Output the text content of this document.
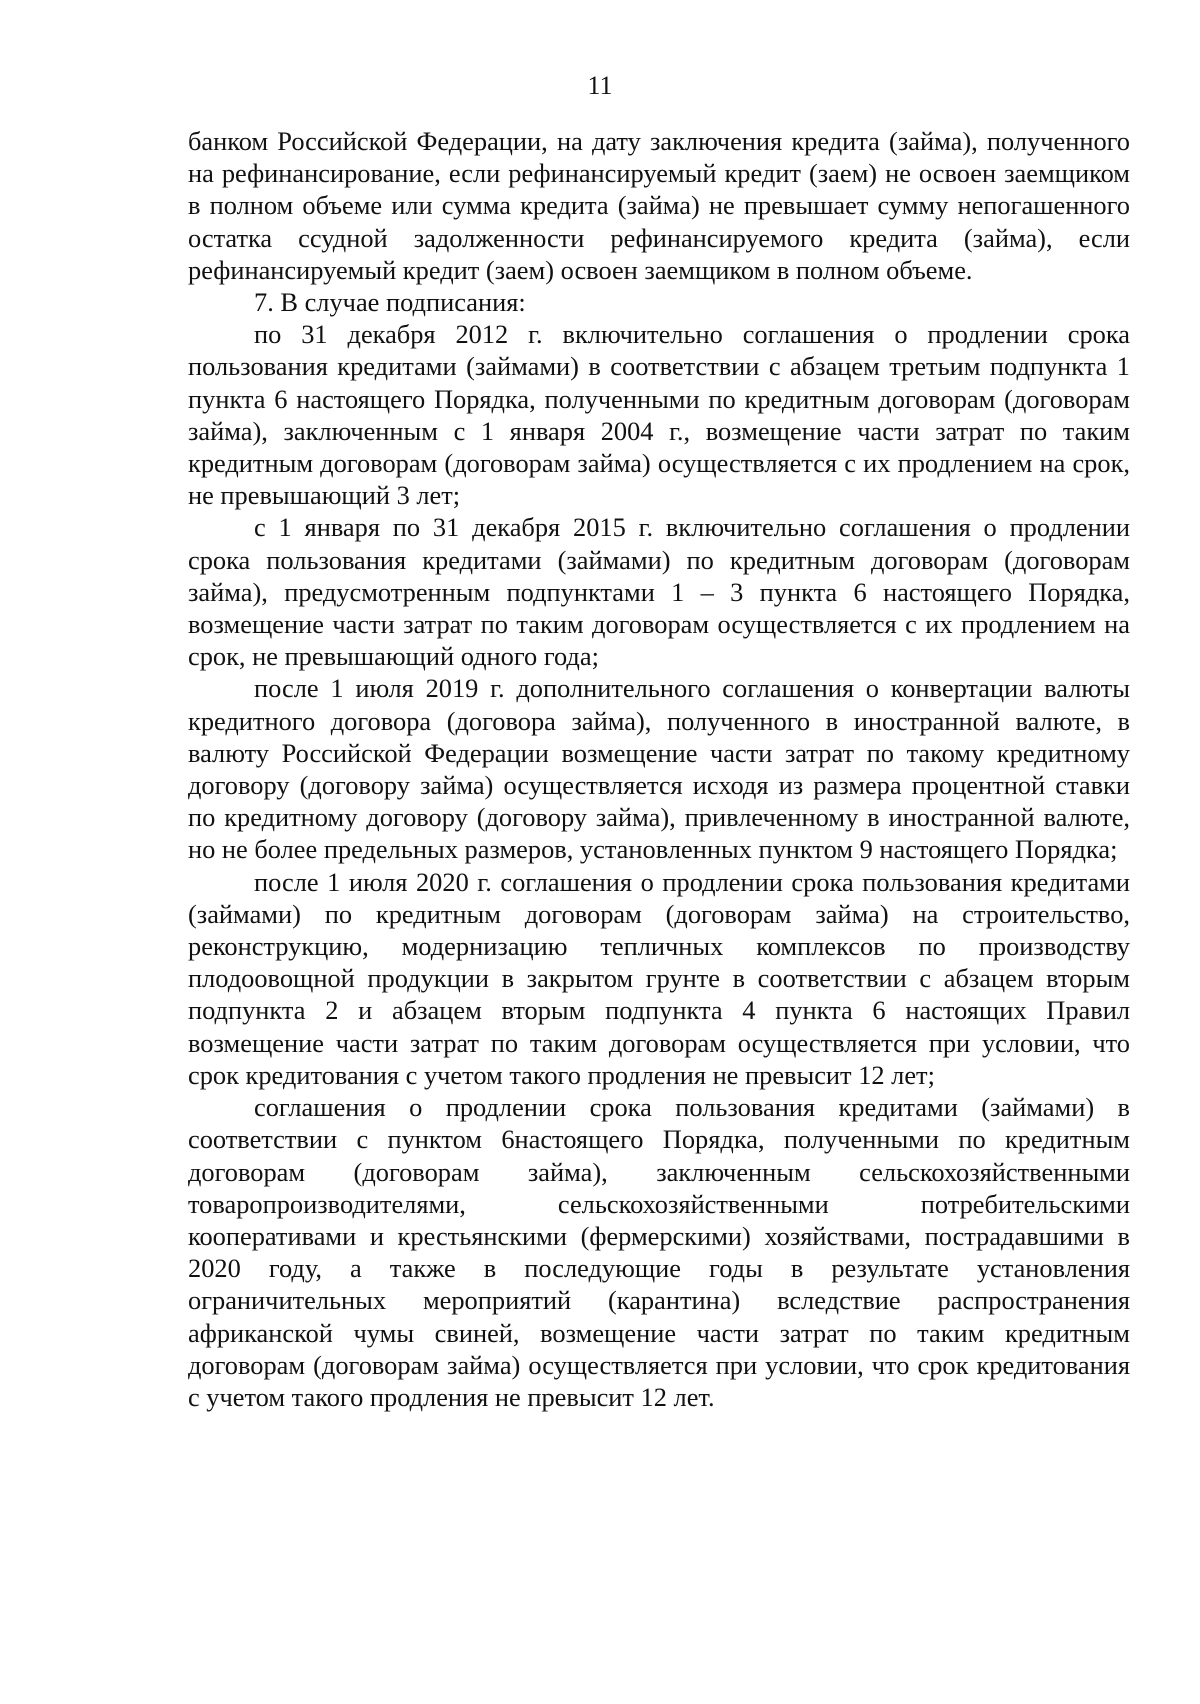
11

банком Российской Федерации, на дату заключения кредита (займа), полученного на рефинансирование, если рефинансируемый кредит (заем) не освоен заемщиком в полном объеме или сумма кредита (займа) не превышает сумму непогашенного остатка ссудной задолженности рефинансируемого кредита (займа), если рефинансируемый кредит (заем) освоен заемщиком в полном объеме.

7. В случае подписания:

по 31 декабря 2012 г. включительно соглашения о продлении срока пользования кредитами (займами) в соответствии с абзацем третьим подпункта 1 пункта 6 настоящего Порядка, полученными по кредитным договорам (договорам займа), заключенным с 1 января 2004 г., возмещение части затрат по таким кредитным договорам (договорам займа) осуществляется с их продлением на срок, не превышающий 3 лет;

с 1 января по 31 декабря 2015 г. включительно соглашения о продлении срока пользования кредитами (займами) по кредитным договорам (договорам займа), предусмотренным подпунктами 1 – 3 пункта 6 настоящего Порядка, возмещение части затрат по таким договорам осуществляется с их продлением на срок, не превышающий одного года;

после 1 июля 2019 г. дополнительного соглашения о конвертации валюты кредитного договора (договора займа), полученного в иностранной валюте, в валюту Российской Федерации возмещение части затрат по такому кредитному договору (договору займа) осуществляется исходя из размера процентной ставки по кредитному договору (договору займа), привлеченному в иностранной валюте, но не более предельных размеров, установленных пунктом 9 настоящего Порядка;

после 1 июля 2020 г. соглашения о продлении срока пользования кредитами (займами) по кредитным договорам (договорам займа) на строительство, реконструкцию, модернизацию тепличных комплексов по производству плодоовощной продукции в закрытом грунте в соответствии с абзацем вторым подпункта 2 и абзацем вторым подпункта 4 пункта 6 настоящих Правил возмещение части затрат по таким договорам осуществляется при условии, что срок кредитования с учетом такого продления не превысит 12 лет;

соглашения о продлении срока пользования кредитами (займами) в соответствии с пунктом 6настоящего Порядка, полученными по кредитным договорам (договорам займа), заключенным сельскохозяйственными товаропроизводителями, сельскохозяйственными потребительскими кооперативами и крестьянскими (фермерскими) хозяйствами, пострадавшими в 2020 году, а также в последующие годы в результате установления ограничительных мероприятий (карантина) вследствие распространения африканской чумы свиней, возмещение части затрат по таким кредитным договорам (договорам займа) осуществляется при условии, что срок кредитования с учетом такого продления не превысит 12 лет.
